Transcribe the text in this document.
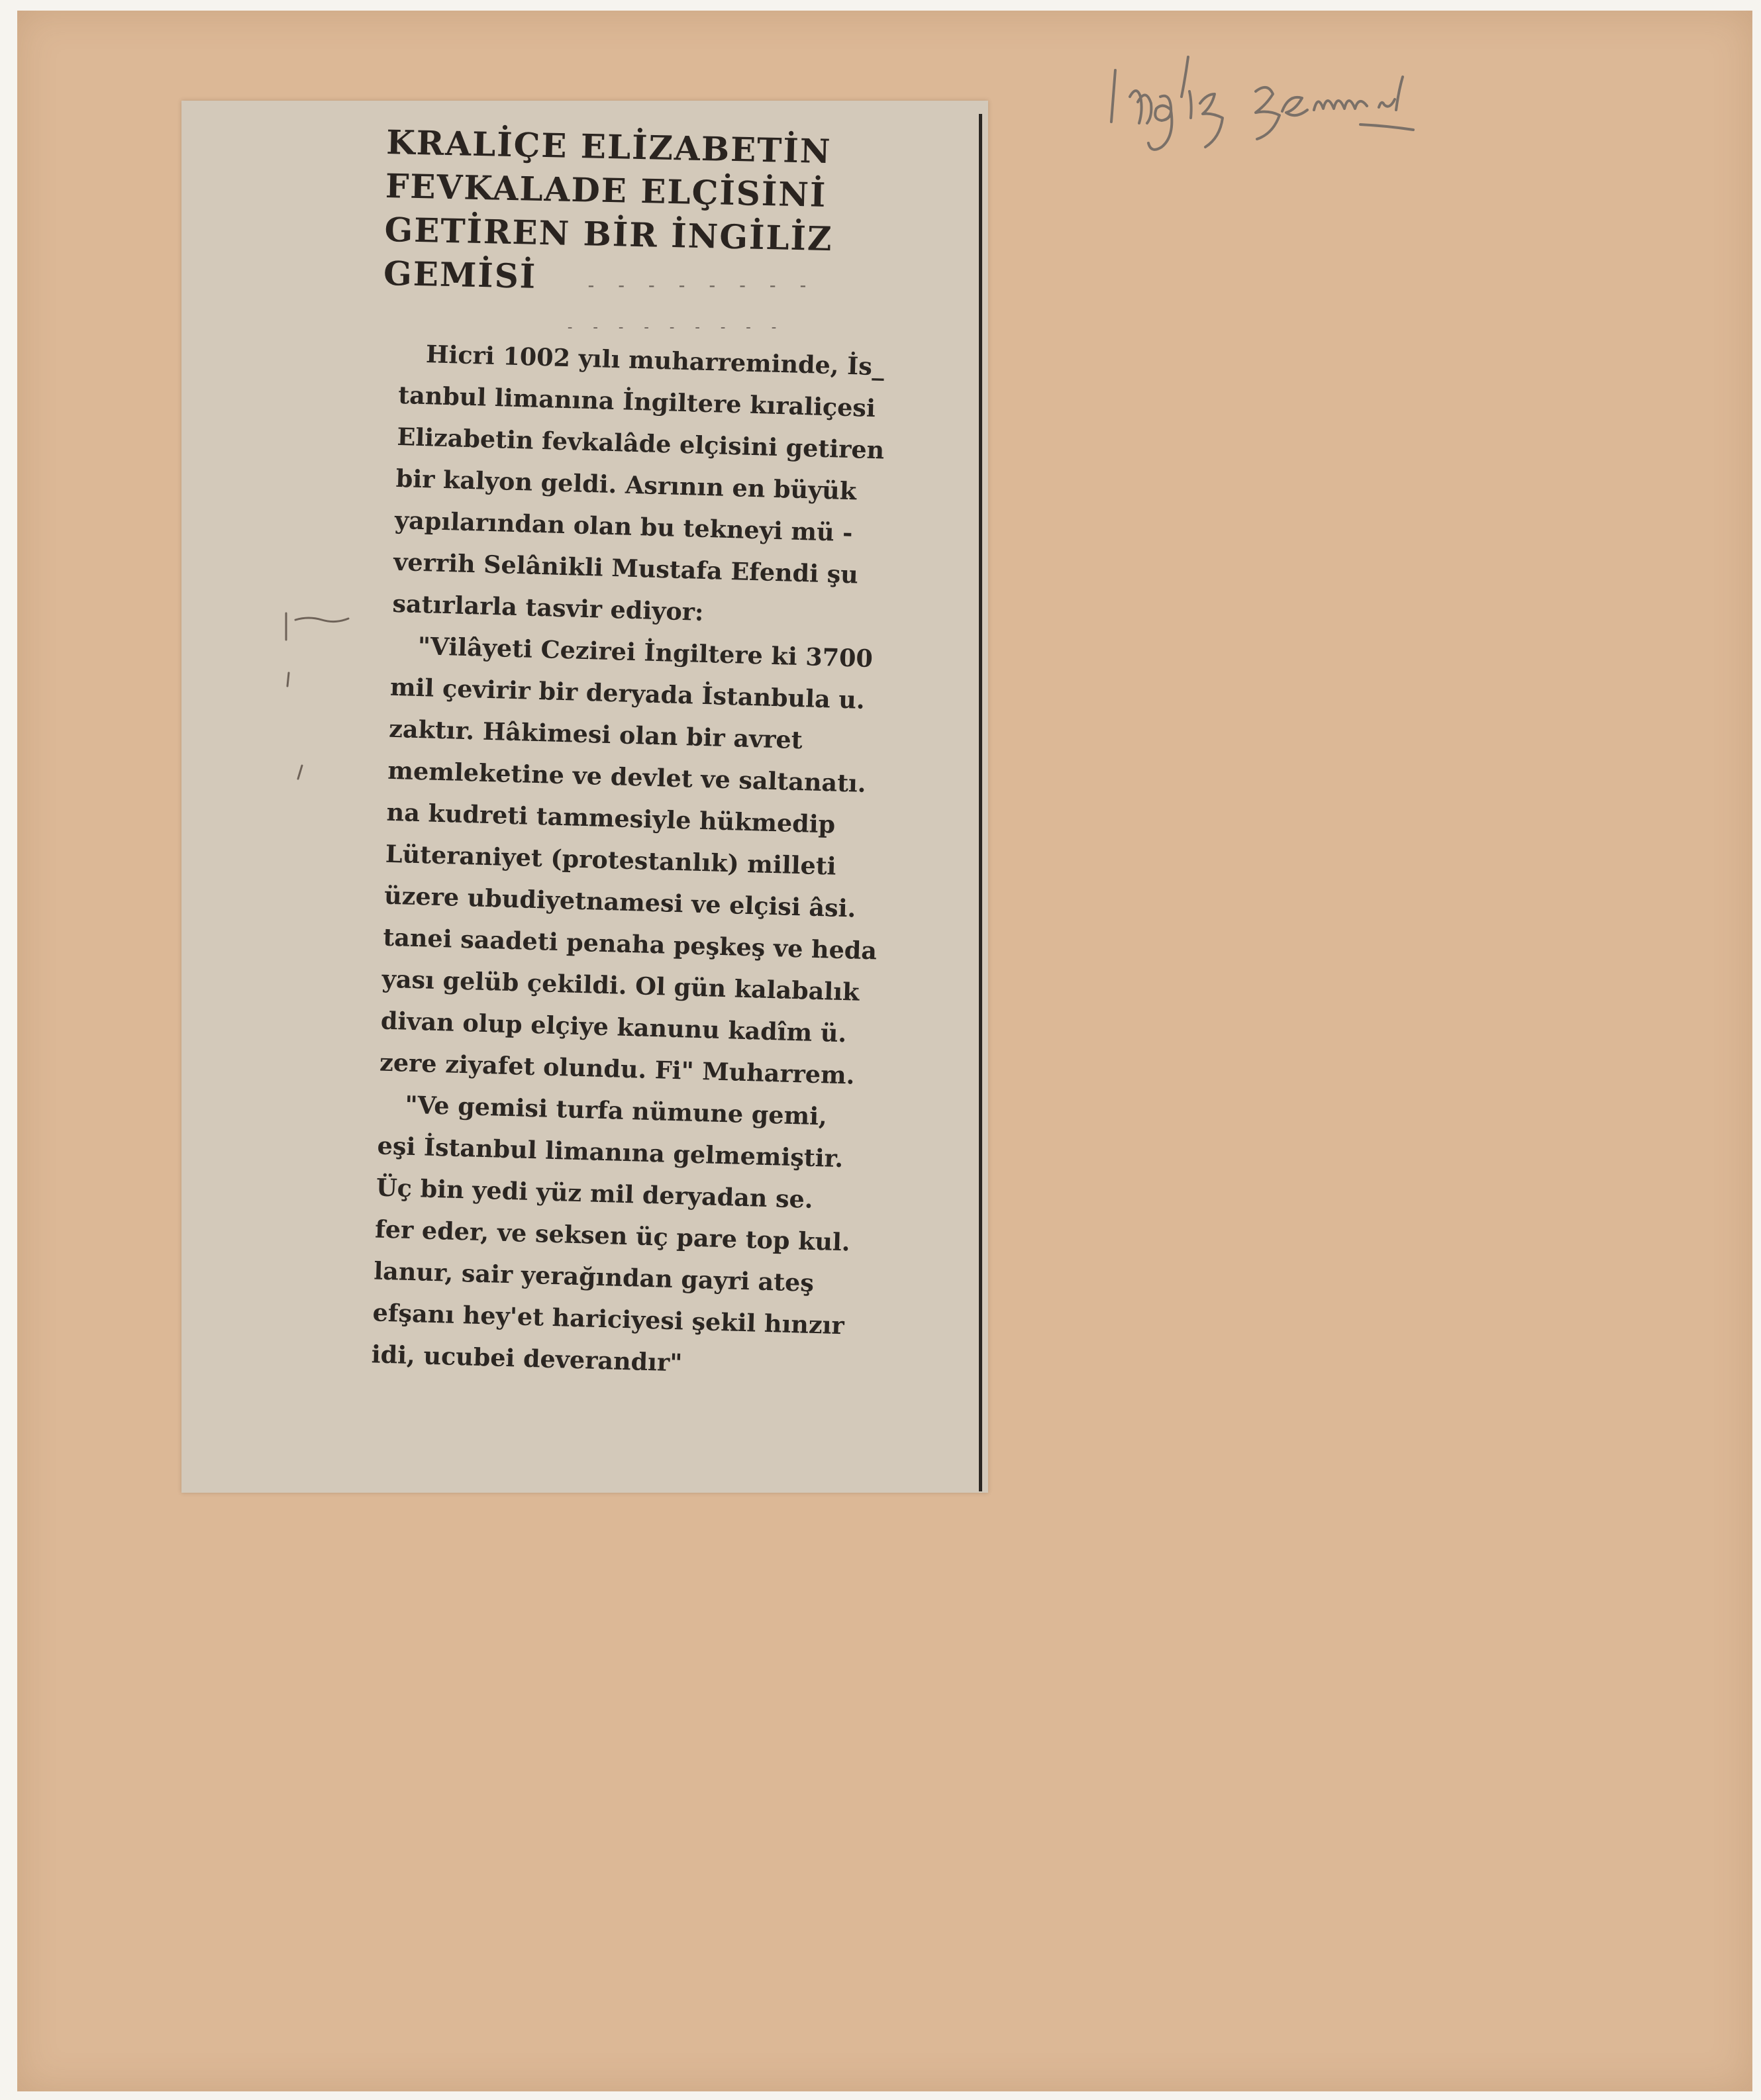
KRALİÇE ELİZABETİN
FEVKALADE ELÇİSİNİ
GETİREN BİR İNGİLİZ
GEMİSİ	- - - - - - - -
- - - - - - - - -
Hicri 1002 yılı muharreminde, İs_
tanbul limanına İngiltere kıraliçesi
Elizabetin fevkalâde elçisini getiren
bir kalyon geldi. Asrının en büyük
yapılarından olan bu tekneyi mü -
verrih Selânikli Mustafa Efendi şu
satırlarla tasvir ediyor:
"Vilâyeti Cezirei İngiltere ki 3700
mil çevirir bir deryada İstanbula u.
zaktır. Hâkimesi olan bir avret
memleketine ve devlet ve saltanatı.
na kudreti tammesiyle hükmedip
Lüteraniyet (protestanlık) milleti
üzere ubudiyetnamesi ve elçisi âsi.
tanei saadeti penaha peşkeş ve heda
yası gelüb çekildi. Ol gün kalabalık
divan olup elçiye kanunu kadîm ü.
zere ziyafet olundu. Fi" Muharrem.
"Ve gemisi turfa nümune gemi,
eşi İstanbul limanına gelmemiştir.
Üç bin yedi yüz mil deryadan se.
fer eder, ve seksen üç pare top kul.
lanur, sair yerağından gayri ateş
efşanı hey'et hariciyesi şekil hınzır
idi, ucubei deverandır"
